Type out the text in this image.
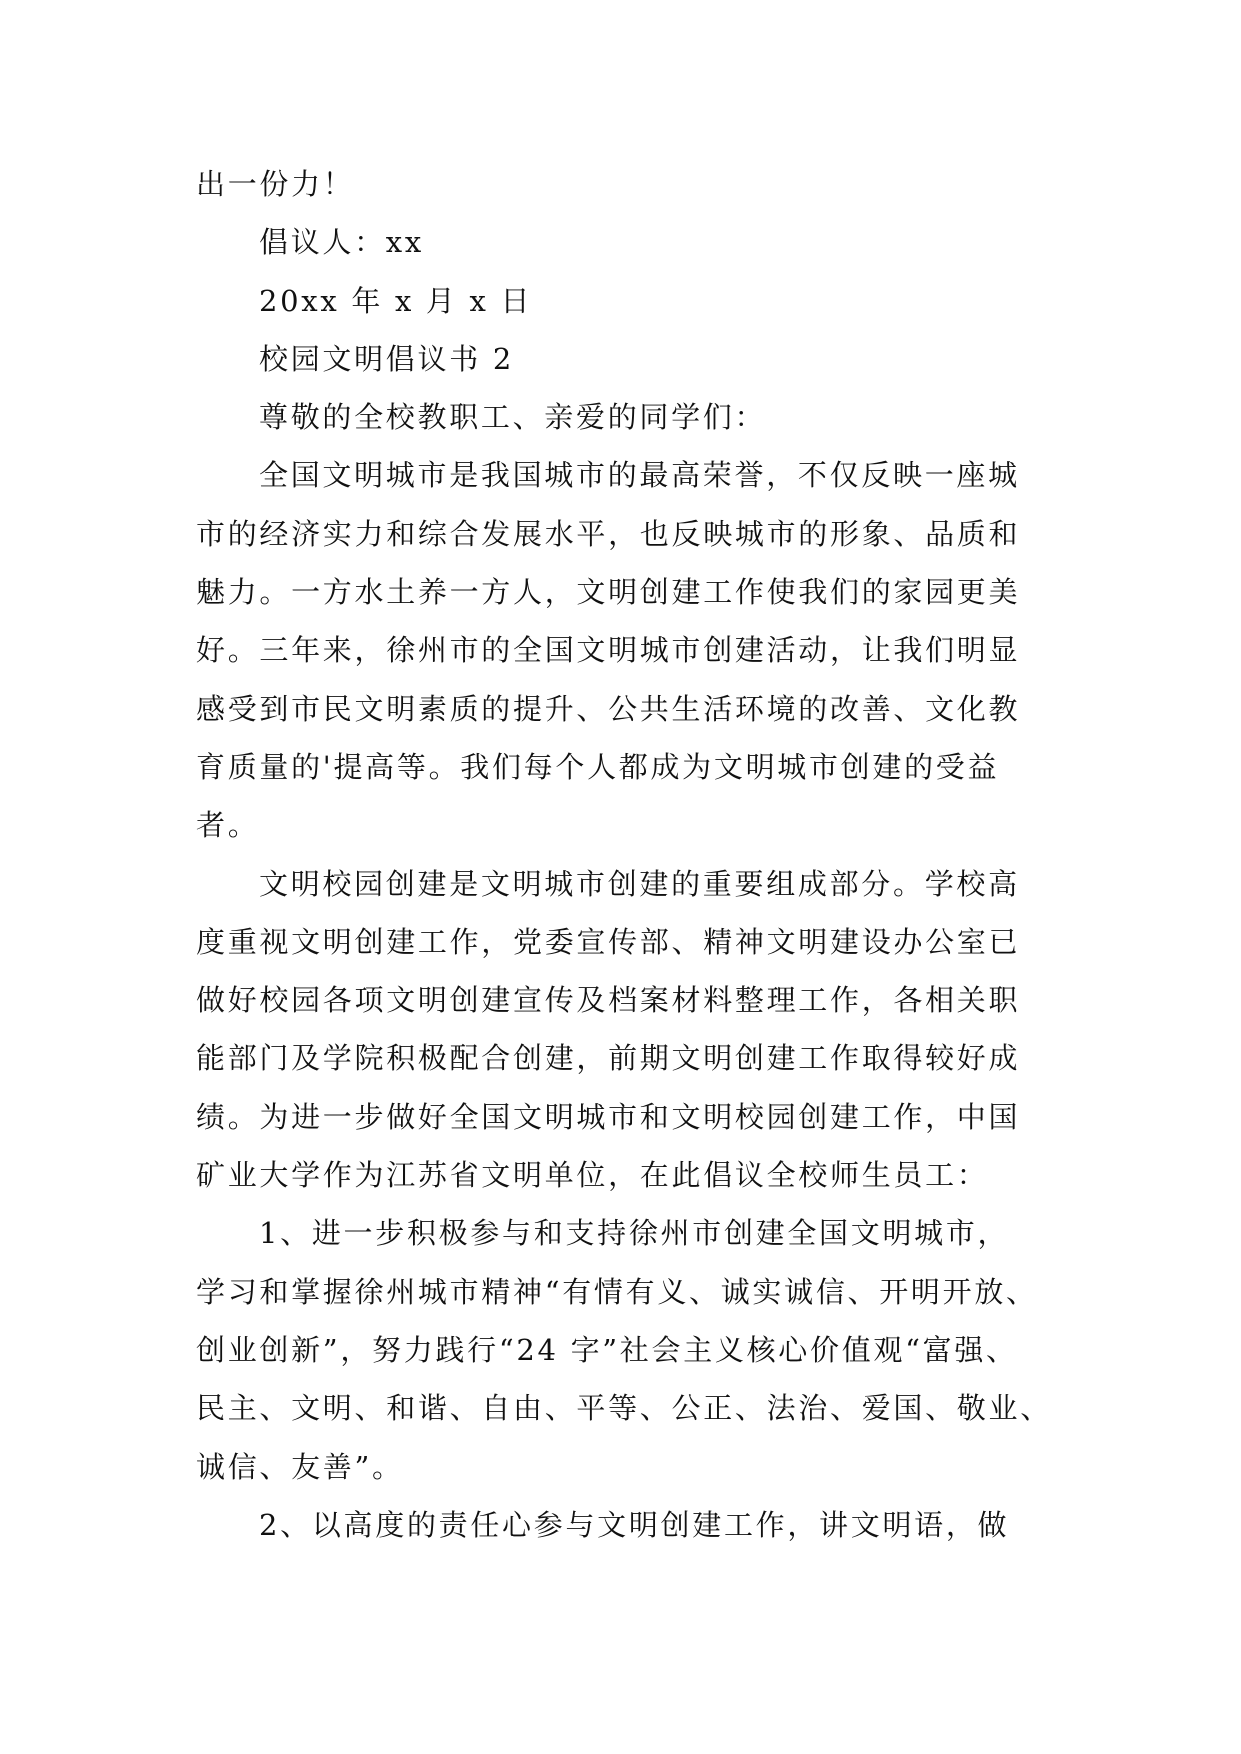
出一份力！
倡议人：xx
20xx 年 x 月 x 日
校园文明倡议书 2
尊敬的全校教职工、亲爱的同学们：
全国文明城市是我国城市的最高荣誉，不仅反映一座城
市的经济实力和综合发展水平，也反映城市的形象、品质和
魅力。一方水土养一方人，文明创建工作使我们的家园更美
好。三年来，徐州市的全国文明城市创建活动，让我们明显
感受到市民文明素质的提升、公共生活环境的改善、文化教
育质量的'提高等。我们每个人都成为文明城市创建的受益
者。
文明校园创建是文明城市创建的重要组成部分。学校高
度重视文明创建工作，党委宣传部、精神文明建设办公室已
做好校园各项文明创建宣传及档案材料整理工作，各相关职
能部门及学院积极配合创建，前期文明创建工作取得较好成
绩。为进一步做好全国文明城市和文明校园创建工作，中国
矿业大学作为江苏省文明单位，在此倡议全校师生员工：
1、进一步积极参与和支持徐州市创建全国文明城市，
学习和掌握徐州城市精神“有情有义、诚实诚信、开明开放、
创业创新”，努力践行“24 字”社会主义核心价值观“富强、
民主、文明、和谐、自由、平等、公正、法治、爱国、敬业、
诚信、友善”。
2、以高度的责任心参与文明创建工作，讲文明语，做
